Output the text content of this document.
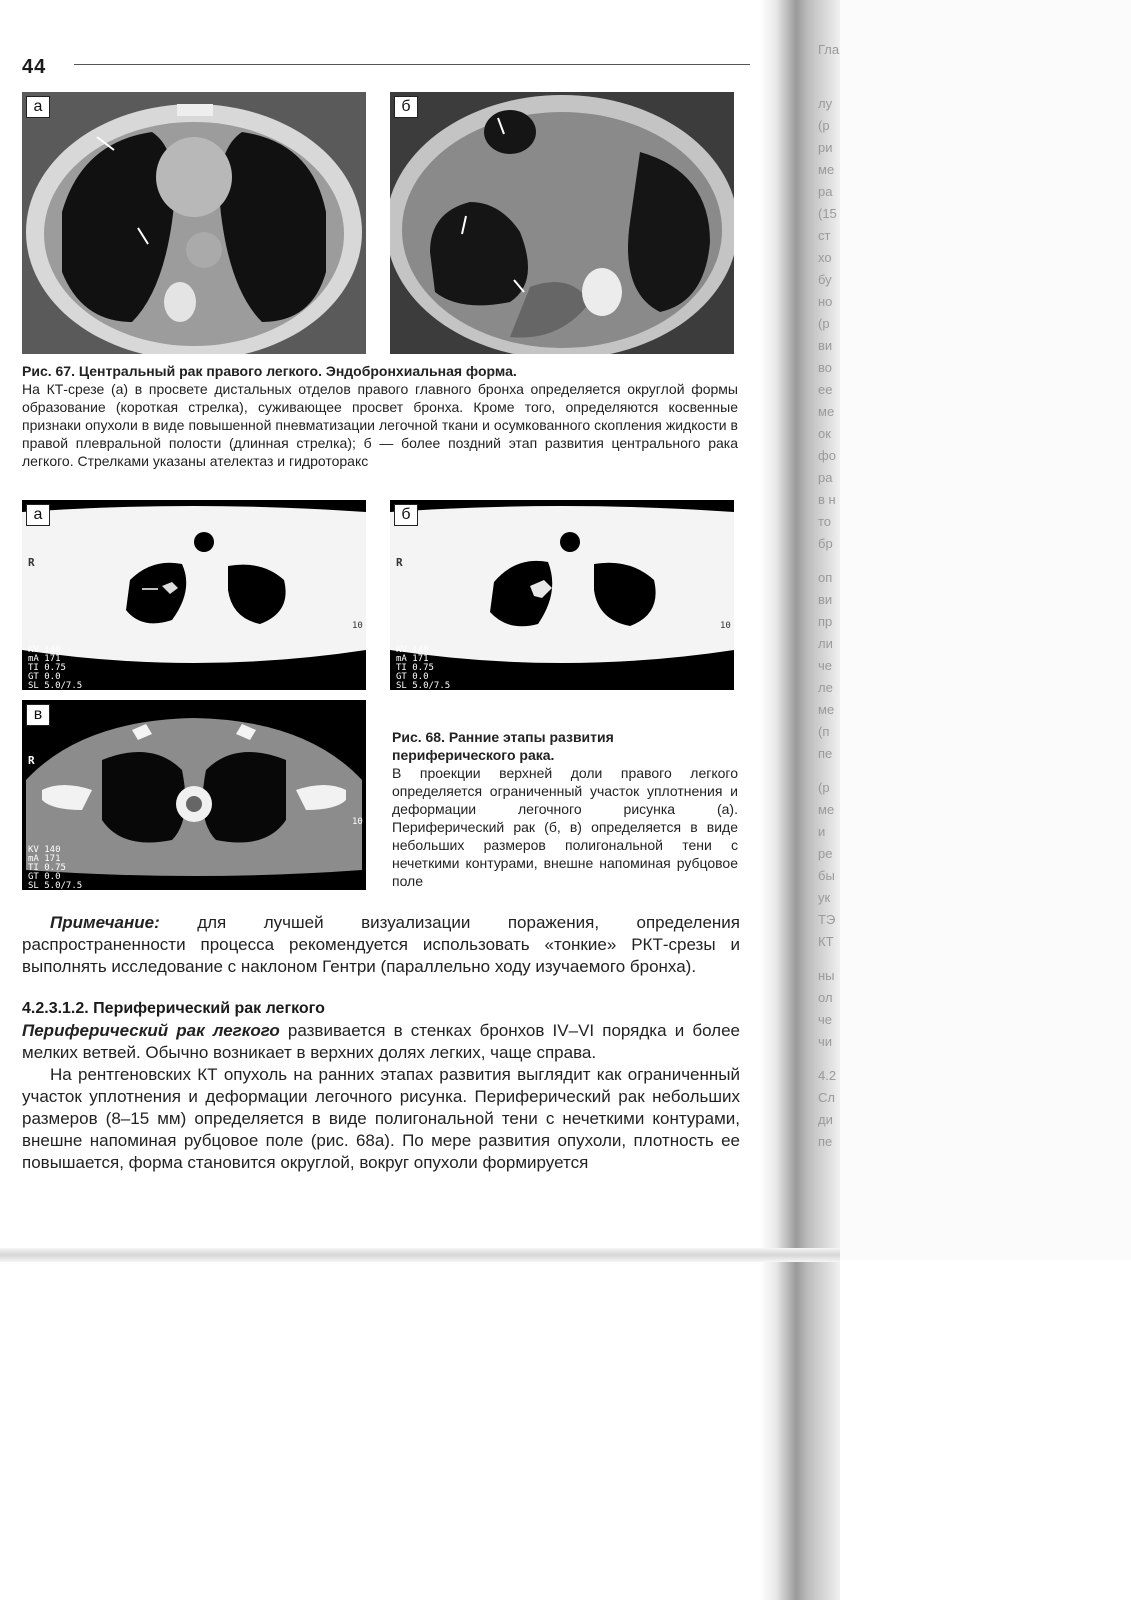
44
а	б
Рис. 67. Центральный рак правого легкого. Эндобронхиальная форма.
На КТ-срезе (а) в просвете дистальных отделов правого главного бронха определяется округлой формы образование (короткая стрелка), суживающее просвет бронха. Кроме того, определяются косвенные признаки опухоли в виде повышенной пневматизации легочной ткани и осумкованного скопления жидкости в правой плевральной полости (длинная стрелка); б — более поздний этап развития центрального рака легкого. Стрелками указаны ателектаз и гидроторакс
R
KV 140
mA 171
TI 0.75
GT 0.0
SL 5.0/7.5
10
а
R
KV 140
mA 171
TI 0.75
GT 0.0
SL 5.0/7.5
10
б
R
KV 140
mA 171
TI 0.75
GT 0.0
SL 5.0/7.5
10
в
Рис. 68. Ранние этапы развития периферического рака.
В проекции верхней доли правого легкого определяется ограниченный участок уплотнения и деформации легочного рисунка (а). Периферический рак (б, в) определяется в виде небольших размеров полигональной тени с нечеткими контурами, внешне напоминая рубцовое поле
Примечание: для лучшей визуализации поражения, определения распространенности процесса рекомендуется использовать «тонкие» РКТ-срезы и выполнять исследование с наклоном Гентри (параллельно ходу изучаемого бронха).
4.2.3.1.2. Периферический рак легкого
Периферический рак легкого развивается в стенках бронхов IV–VI порядка и более мелких ветвей. Обычно возникает в верхних долях легких, чаще справа.
На рентгеновских КТ опухоль на ранних этапах развития выглядит как ограниченный участок уплотнения и деформации легочного рисунка. Периферический рак небольших размеров (8–15 мм) определяется в виде полигональной тени с нечеткими контурами, внешне напоминая рубцовое поле (рис. 68а). По мере развития опухоли, плотность ее повышается, форма становится округлой, вокруг опухоли формируется
Гла
лу
(р
ри
ме
ра
(15
ст
хо
бу
но
(р
ви
во
ее
ме
ок
фо
ра
в н
то
бр
оп
ви
пр
ли
че
ле
ме
(п
пе
(р
ме
и
ре
бы
ук
ТЭ
КТ
ны
ол
че
чи
4.2
Сл
ди
пе
